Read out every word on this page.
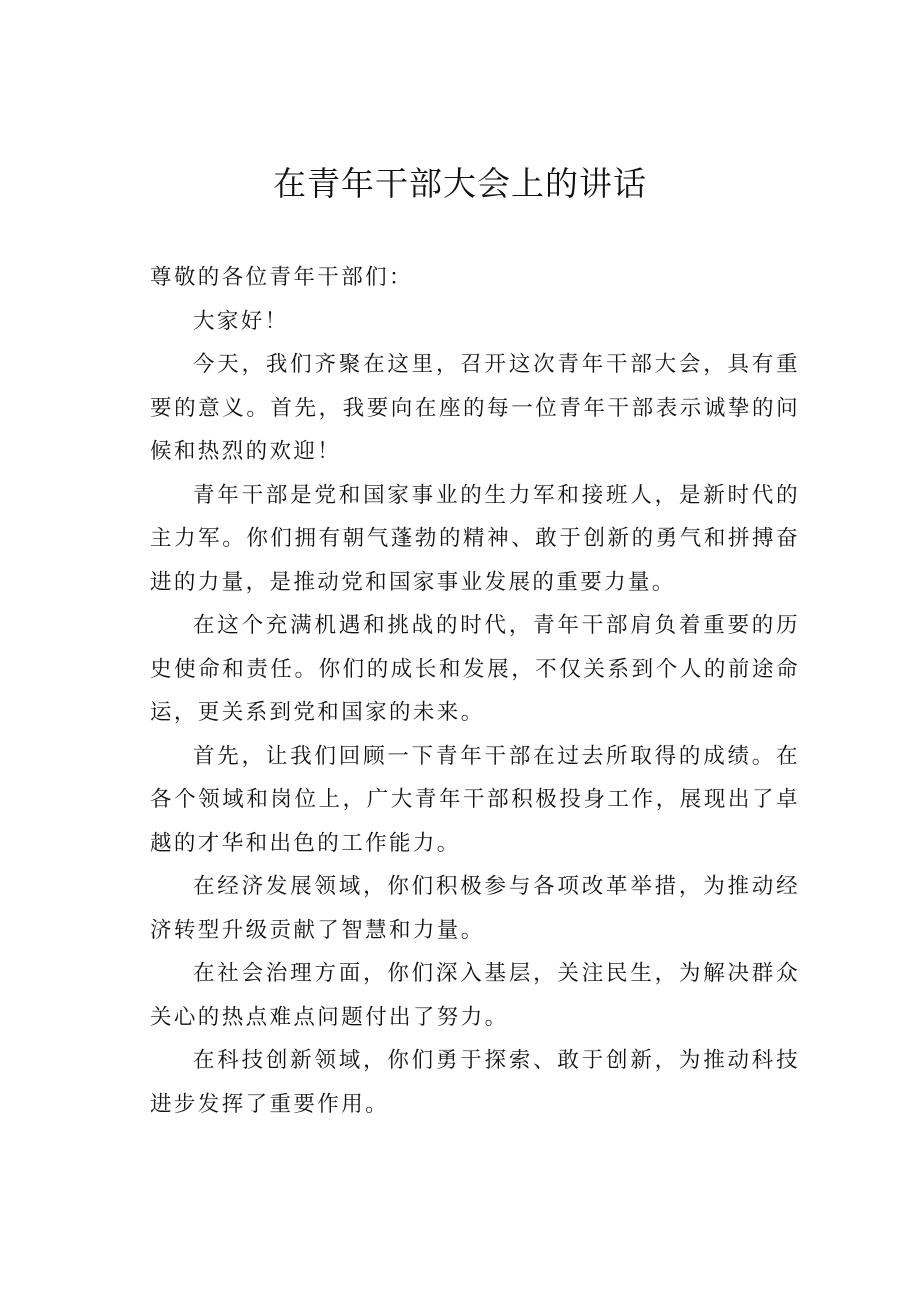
在青年干部大会上的讲话

尊敬的各位青年干部们：

大家好！

今天，我们齐聚在这里，召开这次青年干部大会，具有重要的意义。首先，我要向在座的每一位青年干部表示诚挚的问候和热烈的欢迎！

青年干部是党和国家事业的生力军和接班人，是新时代的主力军。你们拥有朝气蓬勃的精神、敢于创新的勇气和拼搏奋进的力量，是推动党和国家事业发展的重要力量。

在这个充满机遇和挑战的时代，青年干部肩负着重要的历史使命和责任。你们的成长和发展，不仅关系到个人的前途命运，更关系到党和国家的未来。

首先，让我们回顾一下青年干部在过去所取得的成绩。在各个领域和岗位上，广大青年干部积极投身工作，展现出了卓越的才华和出色的工作能力。

在经济发展领域，你们积极参与各项改革举措，为推动经济转型升级贡献了智慧和力量。

在社会治理方面，你们深入基层，关注民生，为解决群众关心的热点难点问题付出了努力。

在科技创新领域，你们勇于探索、敢于创新，为推动科技进步发挥了重要作用。
